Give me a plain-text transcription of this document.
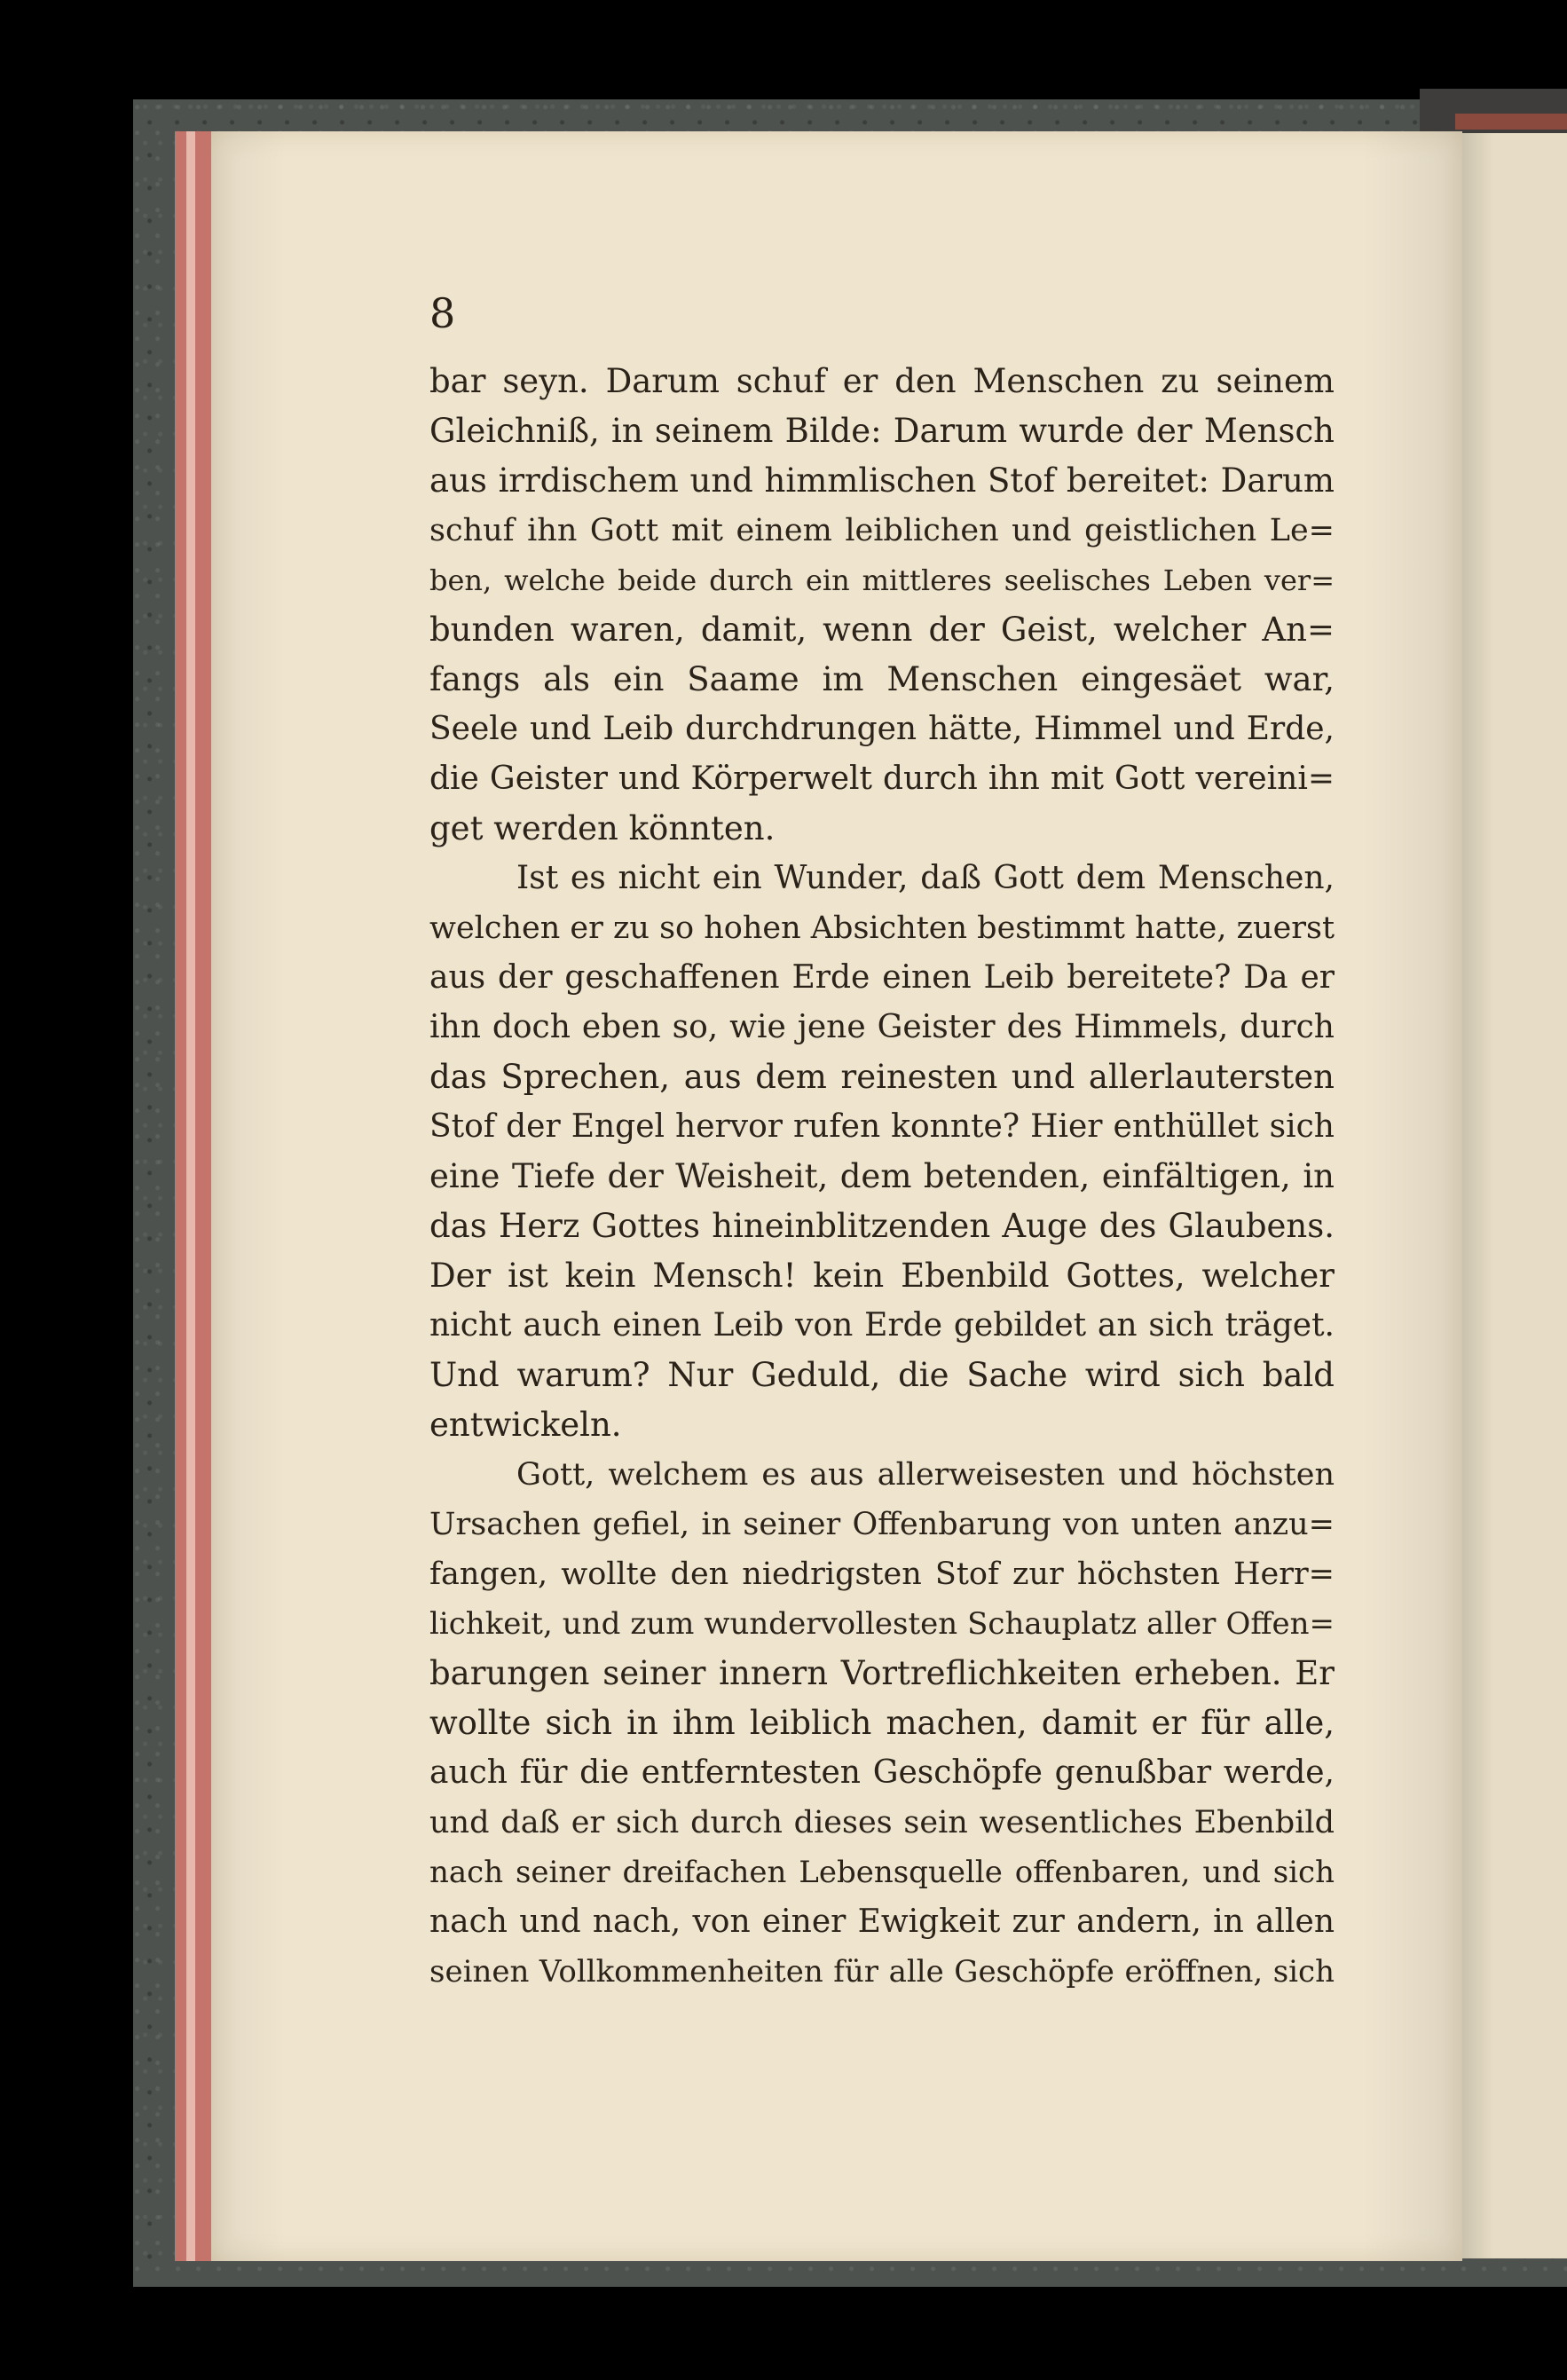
8
bar seyn. Darum schuf er den Menschen zu seinem
Gleichniß, in seinem Bilde: Darum wurde der Mensch
aus irrdischem und himmlischen Stof bereitet: Darum
schuf ihn Gott mit einem leiblichen und geistlichen Le=
ben, welche beide durch ein mittleres seelisches Leben ver=
bunden waren, damit, wenn der Geist, welcher An=
fangs als ein Saame im Menschen eingesäet war,
Seele und Leib durchdrungen hätte, Himmel und Erde,
die Geister und Körperwelt durch ihn mit Gott vereini=
get werden könnten.
Ist es nicht ein Wunder, daß Gott dem Menschen,
welchen er zu so hohen Absichten bestimmt hatte, zuerst
aus der geschaffenen Erde einen Leib bereitete? Da er
ihn doch eben so, wie jene Geister des Himmels, durch
das Sprechen, aus dem reinesten und allerlautersten
Stof der Engel hervor rufen konnte? Hier enthüllet sich
eine Tiefe der Weisheit, dem betenden, einfältigen, in
das Herz Gottes hineinblitzenden Auge des Glaubens.
Der ist kein Mensch! kein Ebenbild Gottes, welcher
nicht auch einen Leib von Erde gebildet an sich träget.
Und warum? Nur Geduld, die Sache wird sich bald
entwickeln.
Gott, welchem es aus allerweisesten und höchsten
Ursachen gefiel, in seiner Offenbarung von unten anzu=
fangen, wollte den niedrigsten Stof zur höchsten Herr=
lichkeit, und zum wundervollesten Schauplatz aller Offen=
barungen seiner innern Vortreflichkeiten erheben. Er
wollte sich in ihm leiblich machen, damit er für alle,
auch für die entferntesten Geschöpfe genußbar werde,
und daß er sich durch dieses sein wesentliches Ebenbild
nach seiner dreifachen Lebensquelle offenbaren, und sich
nach und nach, von einer Ewigkeit zur andern, in allen
seinen Vollkommenheiten für alle Geschöpfe eröffnen, sich
